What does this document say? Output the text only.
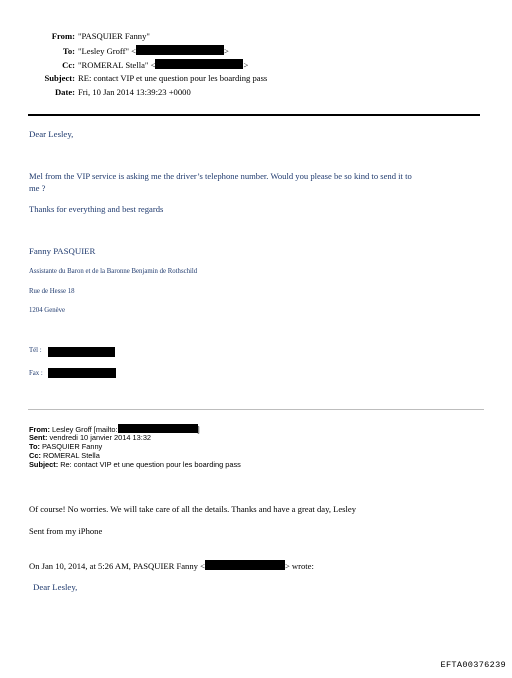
From: "PASQUIER Fanny"
To: "Lesley Groff" <	>
Cc: "ROMERAL Stella" <	>
Subject: RE: contact VIP et une question pour les boarding pass
Date: Fri, 10 Jan 2014 13:39:23 +0000
Dear Lesley,
Mel from the VIP service is asking me the driver’s telephone number. Would you please be so kind to send it to
me ?
Thanks for everything and best regards
Fanny PASQUIER
Assistante du Baron et de la Baronne Benjamin de Rothschild
Rue de Hesse 18
1204 Genève
Tél :
Fax :
From: Lesley Groff [mailto:	]
Sent: vendredi 10 janvier 2014 13:32
To: PASQUIER Fanny
Cc: ROMERAL Stella
Subject: Re: contact VIP et une question pour les boarding pass
Of course! No worries. We will take care of all the details. Thanks and have a great day, Lesley
Sent from my iPhone
On Jan 10, 2014, at 5:26 AM, PASQUIER Fanny <	> wrote:
Dear Lesley,
EFTA00376239
